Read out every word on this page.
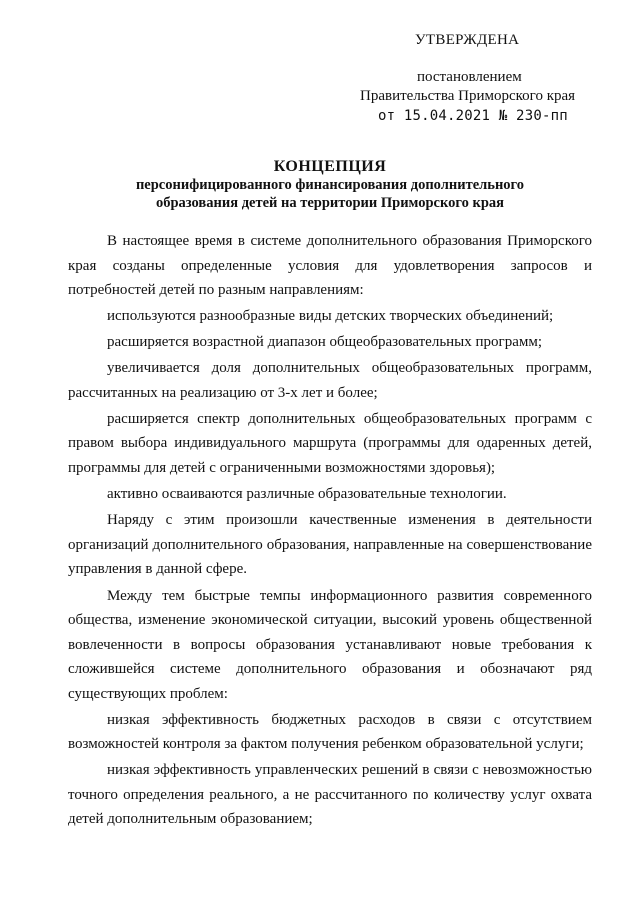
УТВЕРЖДЕНА
постановлением
Правительства Приморского края
от 15.04.2021 № 230-пп
КОНЦЕПЦИЯ
персонифицированного финансирования дополнительного
образования детей на территории Приморского края

В настоящее время в системе дополнительного образования Приморского края созданы определенные условия для удовлетворения запросов и потребностей детей по разным направлениям:

используются разнообразные виды детских творческих объединений;

расширяется возрастной диапазон общеобразовательных программ;

увеличивается доля дополнительных общеобразовательных программ, рассчитанных на реализацию от 3-х лет и более;

расширяется спектр дополнительных общеобразовательных программ с правом выбора индивидуального маршрута (программы для одаренных детей, программы для детей с ограниченными возможностями здоровья);

активно осваиваются различные образовательные технологии.

Наряду с этим произошли качественные изменения в деятельности организаций дополнительного образования, направленные на совершенствование управления в данной сфере.

Между тем быстрые темпы информационного развития современного общества, изменение экономической ситуации, высокий уровень общественной вовлеченности в вопросы образования устанавливают новые требования к сложившейся системе дополнительного образования и обозначают ряд существующих проблем:

низкая эффективность бюджетных расходов в связи с отсутствием возможностей контроля за фактом получения ребенком образовательной услуги;

низкая эффективность управленческих решений в связи с невозможностью точного определения реального, а не рассчитанного по количеству услуг охвата детей дополнительным образованием;
